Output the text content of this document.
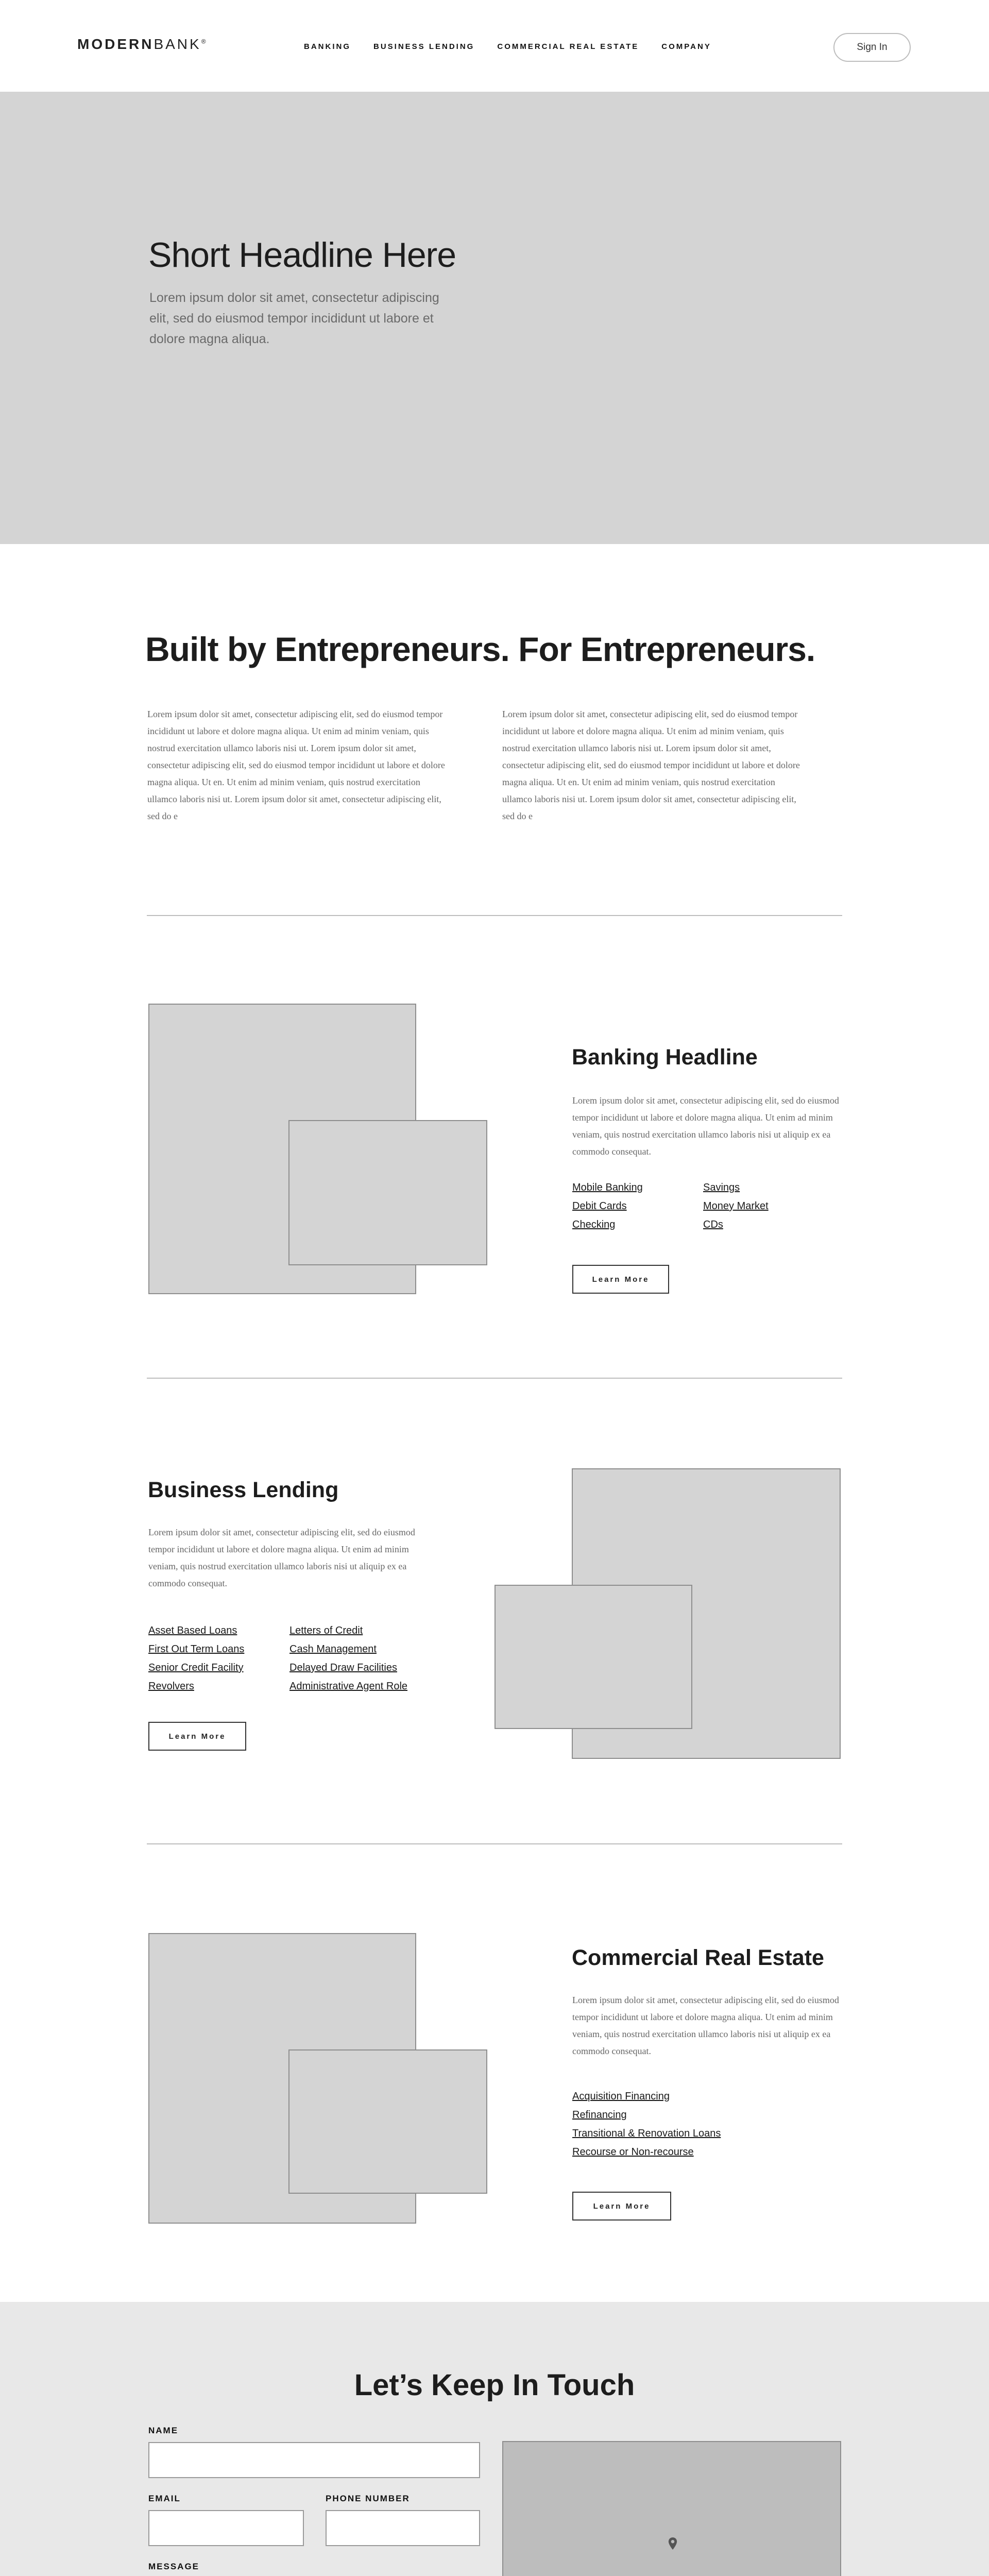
MODERNBANK®
BANKING	BUSINESS LENDING	COMMERCIAL REAL ESTATE	COMPANY	Sign In
Short Headline Here

Lorem ipsum dolor sit amet, consectetur adipiscing elit, sed do eiusmod tempor incididunt ut labore et dolore magna aliqua.

Built by Entrepreneurs. For Entrepreneurs.

Lorem ipsum dolor sit amet, consectetur adipiscing elit, sed do eiusmod tempor incididunt ut labore et dolore magna aliqua. Ut enim ad minim veniam, quis nostrud exercitation ullamco laboris nisi ut. Lorem ipsum dolor sit amet, consectetur adipiscing elit, sed do eiusmod tempor incididunt ut labore et dolore magna aliqua. Ut en. Ut enim ad minim veniam, quis nostrud exercitation ullamco laboris nisi ut. Lorem ipsum dolor sit amet, consectetur adipiscing elit, sed do e

Lorem ipsum dolor sit amet, consectetur adipiscing elit, sed do eiusmod tempor incididunt ut labore et dolore magna aliqua. Ut enim ad minim veniam, quis nostrud exercitation ullamco laboris nisi ut. Lorem ipsum dolor sit amet, consectetur adipiscing elit, sed do eiusmod tempor incididunt ut labore et dolore magna aliqua. Ut en. Ut enim ad minim veniam, quis nostrud exercitation ullamco laboris nisi ut. Lorem ipsum dolor sit amet, consectetur adipiscing elit, sed do e

Banking Headline

Lorem ipsum dolor sit amet, consectetur adipiscing elit, sed do eiusmod tempor incididunt ut labore et dolore magna aliqua. Ut enim ad minim veniam, quis nostrud exercitation ullamco laboris nisi ut aliquip ex ea commodo consequat.

Mobile Banking
Debit Cards
Checking
Savings
Money Market
CDs
Learn More
Business Lending

Lorem ipsum dolor sit amet, consectetur adipiscing elit, sed do eiusmod tempor incididunt ut labore et dolore magna aliqua. Ut enim ad minim veniam, quis nostrud exercitation ullamco laboris nisi ut aliquip ex ea commodo consequat.

Asset Based Loans
First Out Term Loans
Senior Credit Facility
Revolvers
Letters of Credit
Cash Management
Delayed Draw Facilities
Administrative Agent Role
Learn More
Commercial Real Estate

Lorem ipsum dolor sit amet, consectetur adipiscing elit, sed do eiusmod tempor incididunt ut labore et dolore magna aliqua. Ut enim ad minim veniam, quis nostrud exercitation ullamco laboris nisi ut aliquip ex ea commodo consequat.

Acquisition Financing
Refinancing
Transitional & Renovation Loans
Recourse or Non-recourse
Learn More
Let’s Keep In Touch
NAME
EMAIL	PHONE NUMBER
MESSAGE
